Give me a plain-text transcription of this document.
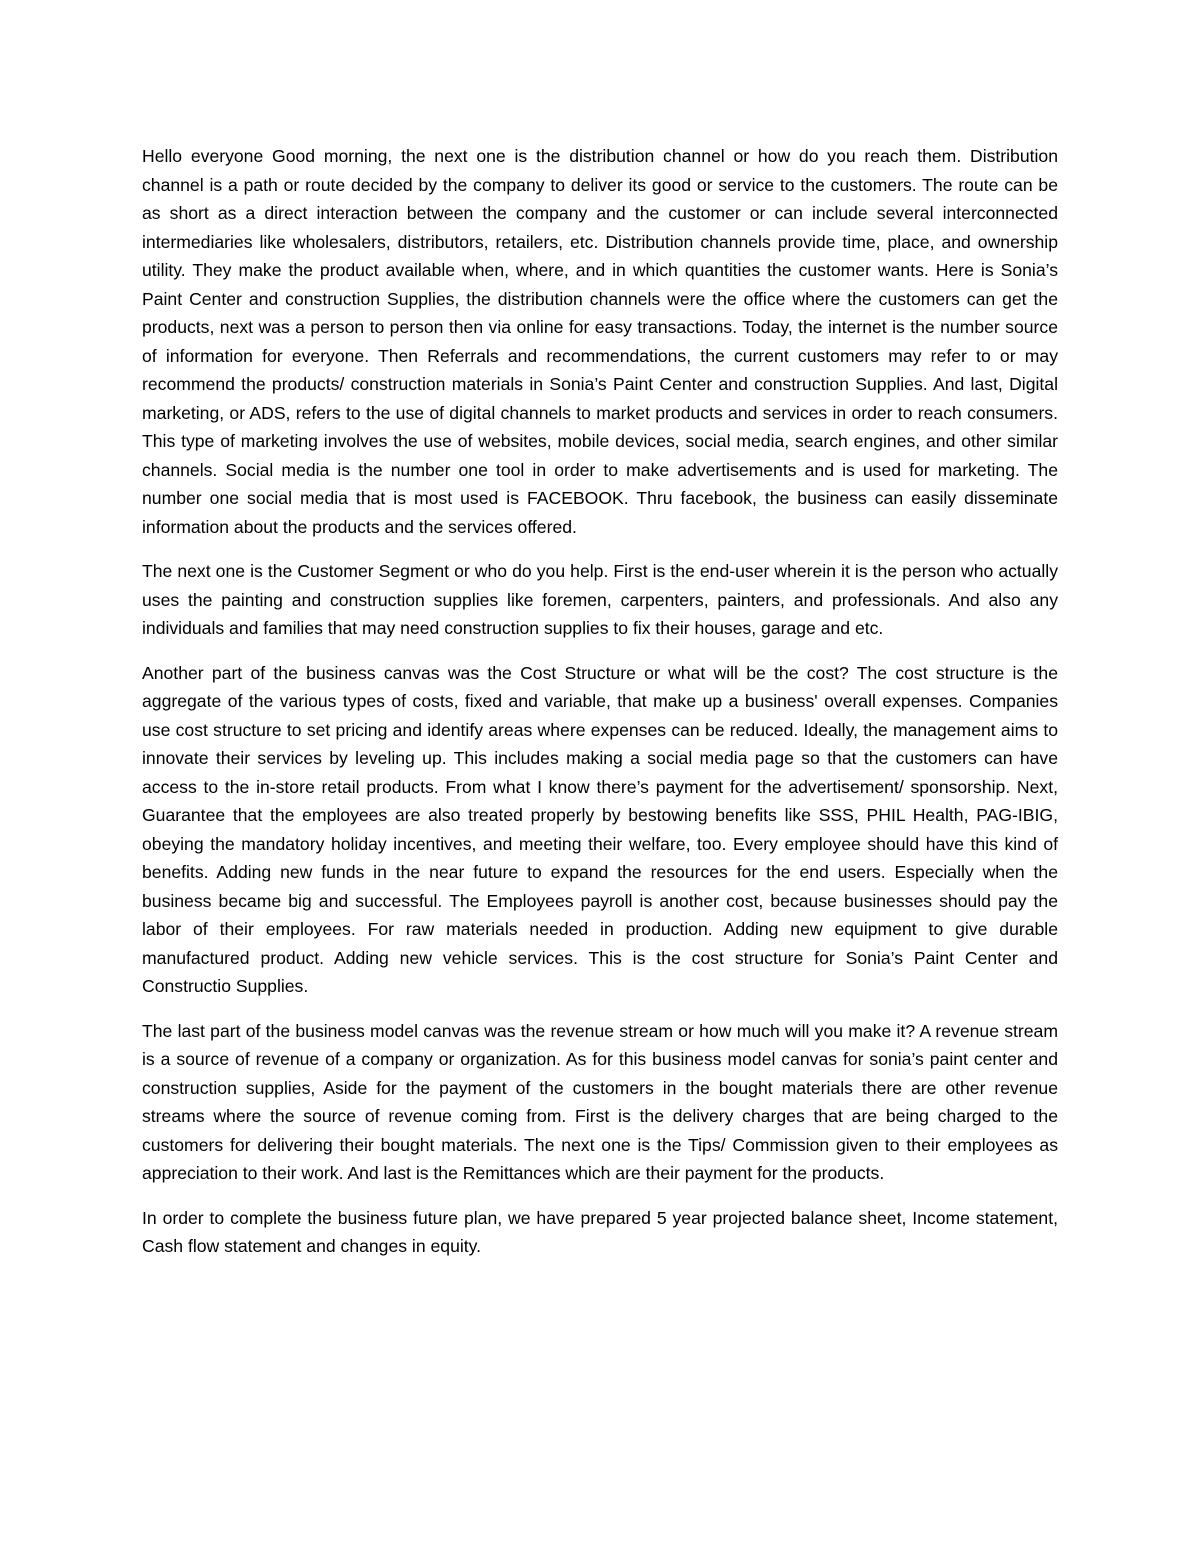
Hello everyone Good morning, the next one is the distribution channel or how do you reach them. Distribution channel is a path or route decided by the company to deliver its good or service to the customers. The route can be as short as a direct interaction between the company and the customer or can include several interconnected intermediaries like wholesalers, distributors, retailers, etc. Distribution channels provide time, place, and ownership utility. They make the product available when, where, and in which quantities the customer wants. Here is Sonia’s Paint Center and construction Supplies, the distribution channels were the office where the customers can get the products, next was a person to person then via online for easy transactions. Today, the internet is the number source of information for everyone. Then Referrals and recommendations, the current customers may refer to or may recommend the products/ construction materials in Sonia’s Paint Center and construction Supplies. And last, Digital marketing, or ADS, refers to the use of digital channels to market products and services in order to reach consumers. This type of marketing involves the use of websites, mobile devices, social media, search engines, and other similar channels. Social media is the number one tool in order to make advertisements and is used for marketing. The number one social media that is most used is FACEBOOK. Thru facebook, the business can easily disseminate information about the products and the services offered.

The next one is the Customer Segment or who do you help. First is the end-user wherein it is the person who actually uses the painting and construction supplies like foremen, carpenters, painters, and professionals. And also any individuals and families that may need construction supplies to fix their houses, garage and etc.

Another part of the business canvas was the Cost Structure or what will be the cost? The cost structure is the aggregate of the various types of costs, fixed and variable, that make up a business' overall expenses. Companies use cost structure to set pricing and identify areas where expenses can be reduced. Ideally, the management aims to innovate their services by leveling up. This includes making a social media page so that the customers can have access to the in-store retail products. From what I know there’s payment for the advertisement/ sponsorship. Next, Guarantee that the employees are also treated properly by bestowing benefits like SSS, PHIL Health, PAG-IBIG, obeying the mandatory holiday incentives, and meeting their welfare, too. Every employee should have this kind of benefits. Adding new funds in the near future to expand the resources for the end users. Especially when the business became big and successful. The Employees payroll is another cost, because businesses should pay the labor of their employees. For raw materials needed in production. Adding new equipment to give durable manufactured product. Adding new vehicle services. This is the cost structure for Sonia’s Paint Center and Constructio Supplies.

The last part of the business model canvas was the revenue stream or how much will you make it? A revenue stream is a source of revenue of a company or organization. As for this business model canvas for sonia’s paint center and construction supplies, Aside for the payment of the customers in the bought materials there are other revenue streams where the source of revenue coming from. First is the delivery charges that are being charged to the customers for delivering their bought materials. The next one is the Tips/ Commission given to their employees as appreciation to their work. And last is the Remittances which are their payment for the products.

In order to complete the business future plan, we have prepared 5 year projected balance sheet, Income statement, Cash flow statement and changes in equity.
